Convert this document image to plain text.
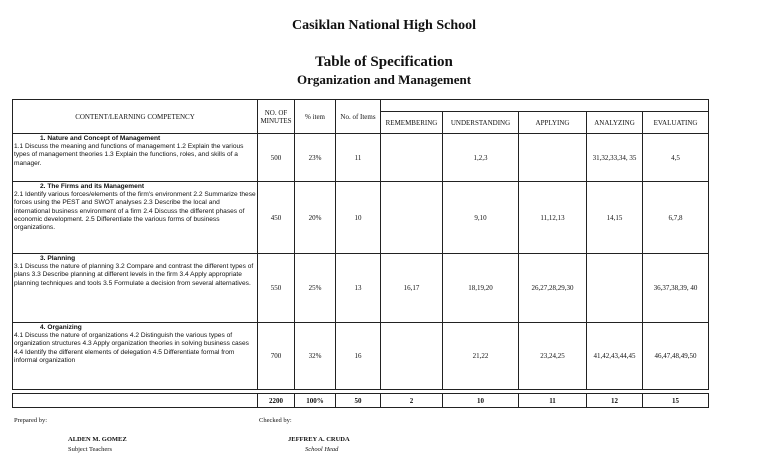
Casiklan National High School
Table of Specification
Organization and Management
CONTENT/LEARNING COMPETENCY	NO. OF MINUTES	% item	No. of Items					
				REMEMBERING	UNDERSTANDING	APPLYING	ANALYZING	EVALUATING

1. Nature and Concept of Management
1.1 Discuss the meaning and functions of management 1.2 Explain the various types of management theories 1.3 Explain the functions, roles, and skills of a manager.	500	23%	11		1,2,3		31,32,33,34, 35	4,5

2. The Firms and its Management
2.1 Identify various forces/elements of the firm's environment 2.2 Summarize these forces using the PEST and SWOT analyses 2.3 Describe the local and international business environment of a firm 2.4 Discuss the different phases of economic development. 2.5 Differentiate the various forms of business organizations.	450	20%	10		9,10	11,12,13	14,15	6,7,8

3. Planning
3.1 Discuss the nature of planning 3.2 Compare and contrast the different types of plans 3.3 Describe planning at different levels in the firm 3.4 Apply appropriate planning techniques and tools 3.5 Formulate a decision from several alternatives.	550	25%	13	16,17	18,19,20	26,27,28,29,30		36,37,38,39, 40

4. Organizing
4.1 Discuss the nature of organizations 4.2 Distinguish the various types of organization structures 4.3 Apply organization theories in solving business cases 4.4 Identify the different elements of delegation 4.5 Differentiate formal from informal organization	700	32%	16		21,22	23,24,25	41,42,43,44,45	46,47,48,49,50

	2200	100%	50	2	10	11	12	15
Prepared by:
ALDEN M. GOMEZ
Subject Teachers
Checked by:
JEFFREY A. CRUDA
School Head
